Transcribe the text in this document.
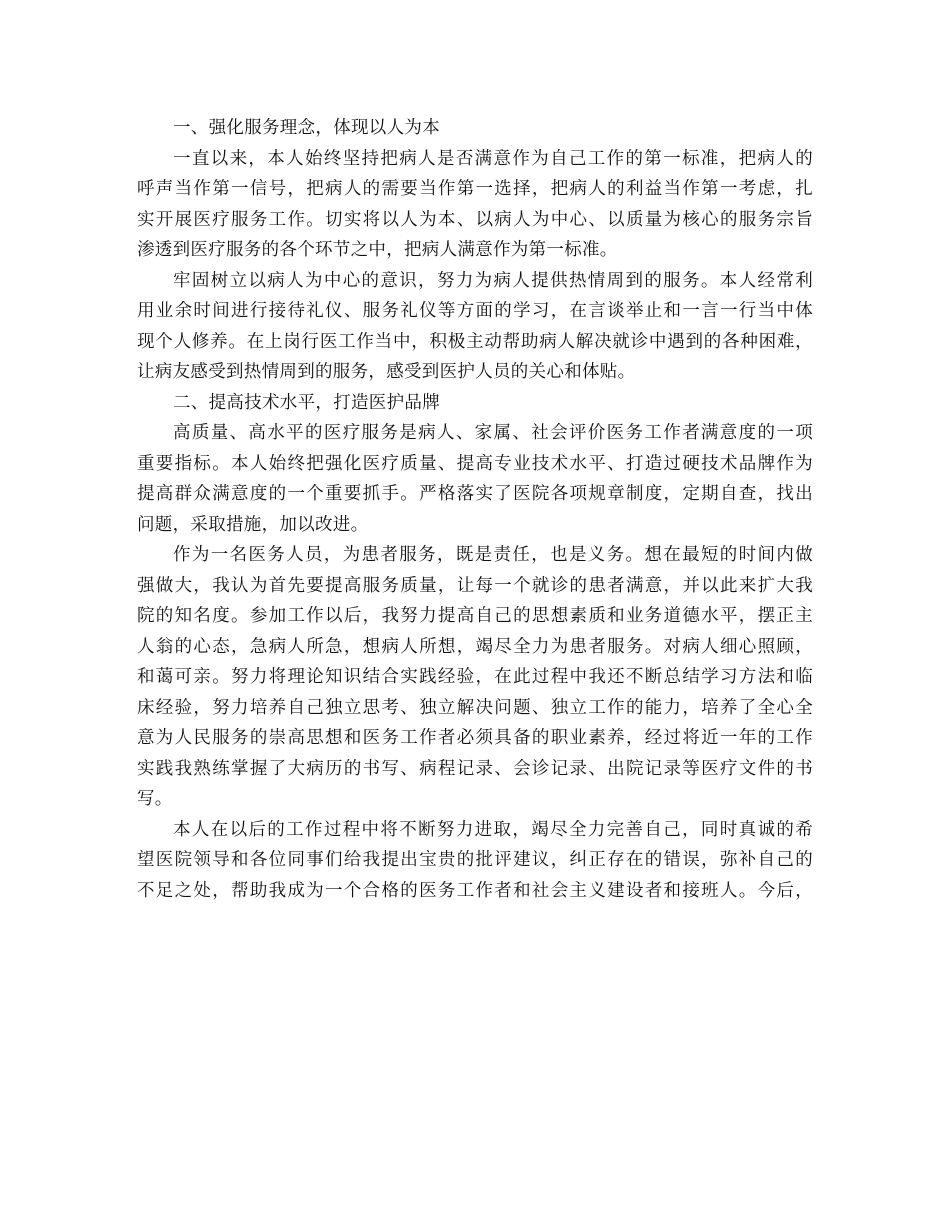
一、强化服务理念，体现以人为本
一直以来，本人始终坚持把病人是否满意作为自己工作的第一标准，把病人的
呼声当作第一信号，把病人的需要当作第一选择，把病人的利益当作第一考虑，扎
实开展医疗服务工作。切实将以人为本、以病人为中心、以质量为核心的服务宗旨
渗透到医疗服务的各个环节之中，把病人满意作为第一标准。
牢固树立以病人为中心的意识，努力为病人提供热情周到的服务。本人经常利
用业余时间进行接待礼仪、服务礼仪等方面的学习，在言谈举止和一言一行当中体
现个人修养。在上岗行医工作当中，积极主动帮助病人解决就诊中遇到的各种困难，
让病友感受到热情周到的服务，感受到医护人员的关心和体贴。
二、提高技术水平，打造医护品牌
高质量、高水平的医疗服务是病人、家属、社会评价医务工作者满意度的一项
重要指标。本人始终把强化医疗质量、提高专业技术水平、打造过硬技术品牌作为
提高群众满意度的一个重要抓手。严格落实了医院各项规章制度，定期自查，找出
问题，采取措施，加以改进。
作为一名医务人员，为患者服务，既是责任，也是义务。想在最短的时间内做
强做大，我认为首先要提高服务质量，让每一个就诊的患者满意，并以此来扩大我
院的知名度。参加工作以后，我努力提高自己的思想素质和业务道德水平，摆正主
人翁的心态，急病人所急，想病人所想，竭尽全力为患者服务。对病人细心照顾，
和蔼可亲。努力将理论知识结合实践经验，在此过程中我还不断总结学习方法和临
床经验，努力培养自己独立思考、独立解决问题、独立工作的能力，培养了全心全
意为人民服务的崇高思想和医务工作者必须具备的职业素养，经过将近一年的工作
实践我熟练掌握了大病历的书写、病程记录、会诊记录、出院记录等医疗文件的书
写。
本人在以后的工作过程中将不断努力进取，竭尽全力完善自己，同时真诚的希
望医院领导和各位同事们给我提出宝贵的批评建议，纠正存在的错误，弥补自己的
不足之处，帮助我成为一个合格的医务工作者和社会主义建设者和接班人。今后，
